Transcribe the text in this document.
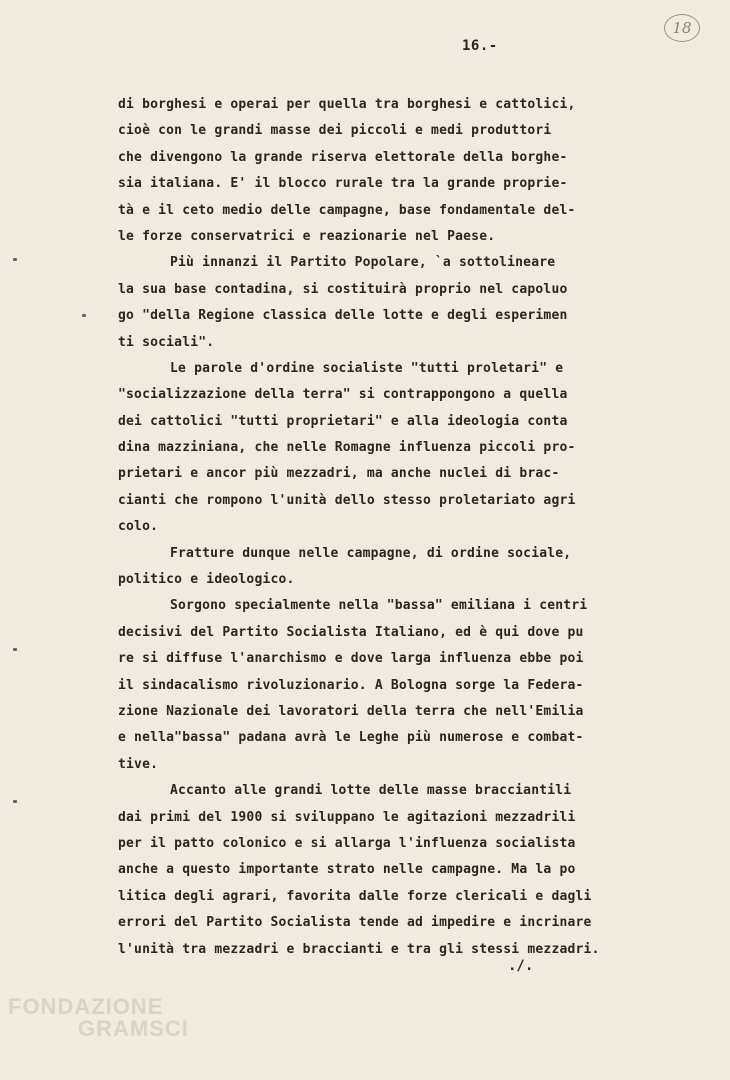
18
16.-
di borghesi e operai per quella tra borghesi e cattolici,
cioè con le grandi masse dei piccoli e medi produttori
che divengono la grande riserva elettorale della borghe-
sia italiana. E' il blocco rurale tra la grande proprie-
tà e il ceto medio delle campagne, base fondamentale del-
le forze conservatrici e reazionarie nel Paese.
Più innanzi il Partito Popolare, `a sottolineare
la sua base contadina, si costituirà proprio nel capoluo
go "della Regione classica delle lotte e degli esperimen
ti sociali".
Le parole d'ordine socialiste "tutti proletari" e
"socializzazione della terra" si contrappongono a quella
dei cattolici "tutti proprietari" e alla ideologia conta
dina mazziniana, che nelle Romagne influenza piccoli pro-
prietari e ancor più mezzadri, ma anche nuclei di brac-
cianti che rompono l'unità dello stesso proletariato agri
colo.
Fratture dunque nelle campagne, di ordine sociale,
politico e ideologico.
Sorgono specialmente nella "bassa" emiliana i centri
decisivi del Partito Socialista Italiano, ed è qui dove pu
re si diffuse l'anarchismo e dove larga influenza ebbe poi
il sindacalismo rivoluzionario. A Bologna sorge la Federa-
zione Nazionale dei lavoratori della terra che nell'Emilia
e nella"bassa" padana avrà le Leghe più numerose e combat-
tive.
Accanto alle grandi lotte delle masse bracciantili
dai primi del 1900 si sviluppano le agitazioni mezzadrili
per il patto colonico e si allarga l'influenza socialista
anche a questo importante strato nelle campagne. Ma la po
litica degli agrari, favorita dalle forze clericali e dagli
errori del Partito Socialista tende ad impedire e incrinare
l'unità tra mezzadri e braccianti e tra gli stessi mezzadri.
./.
FONDAZIONE
GRAMSCI
